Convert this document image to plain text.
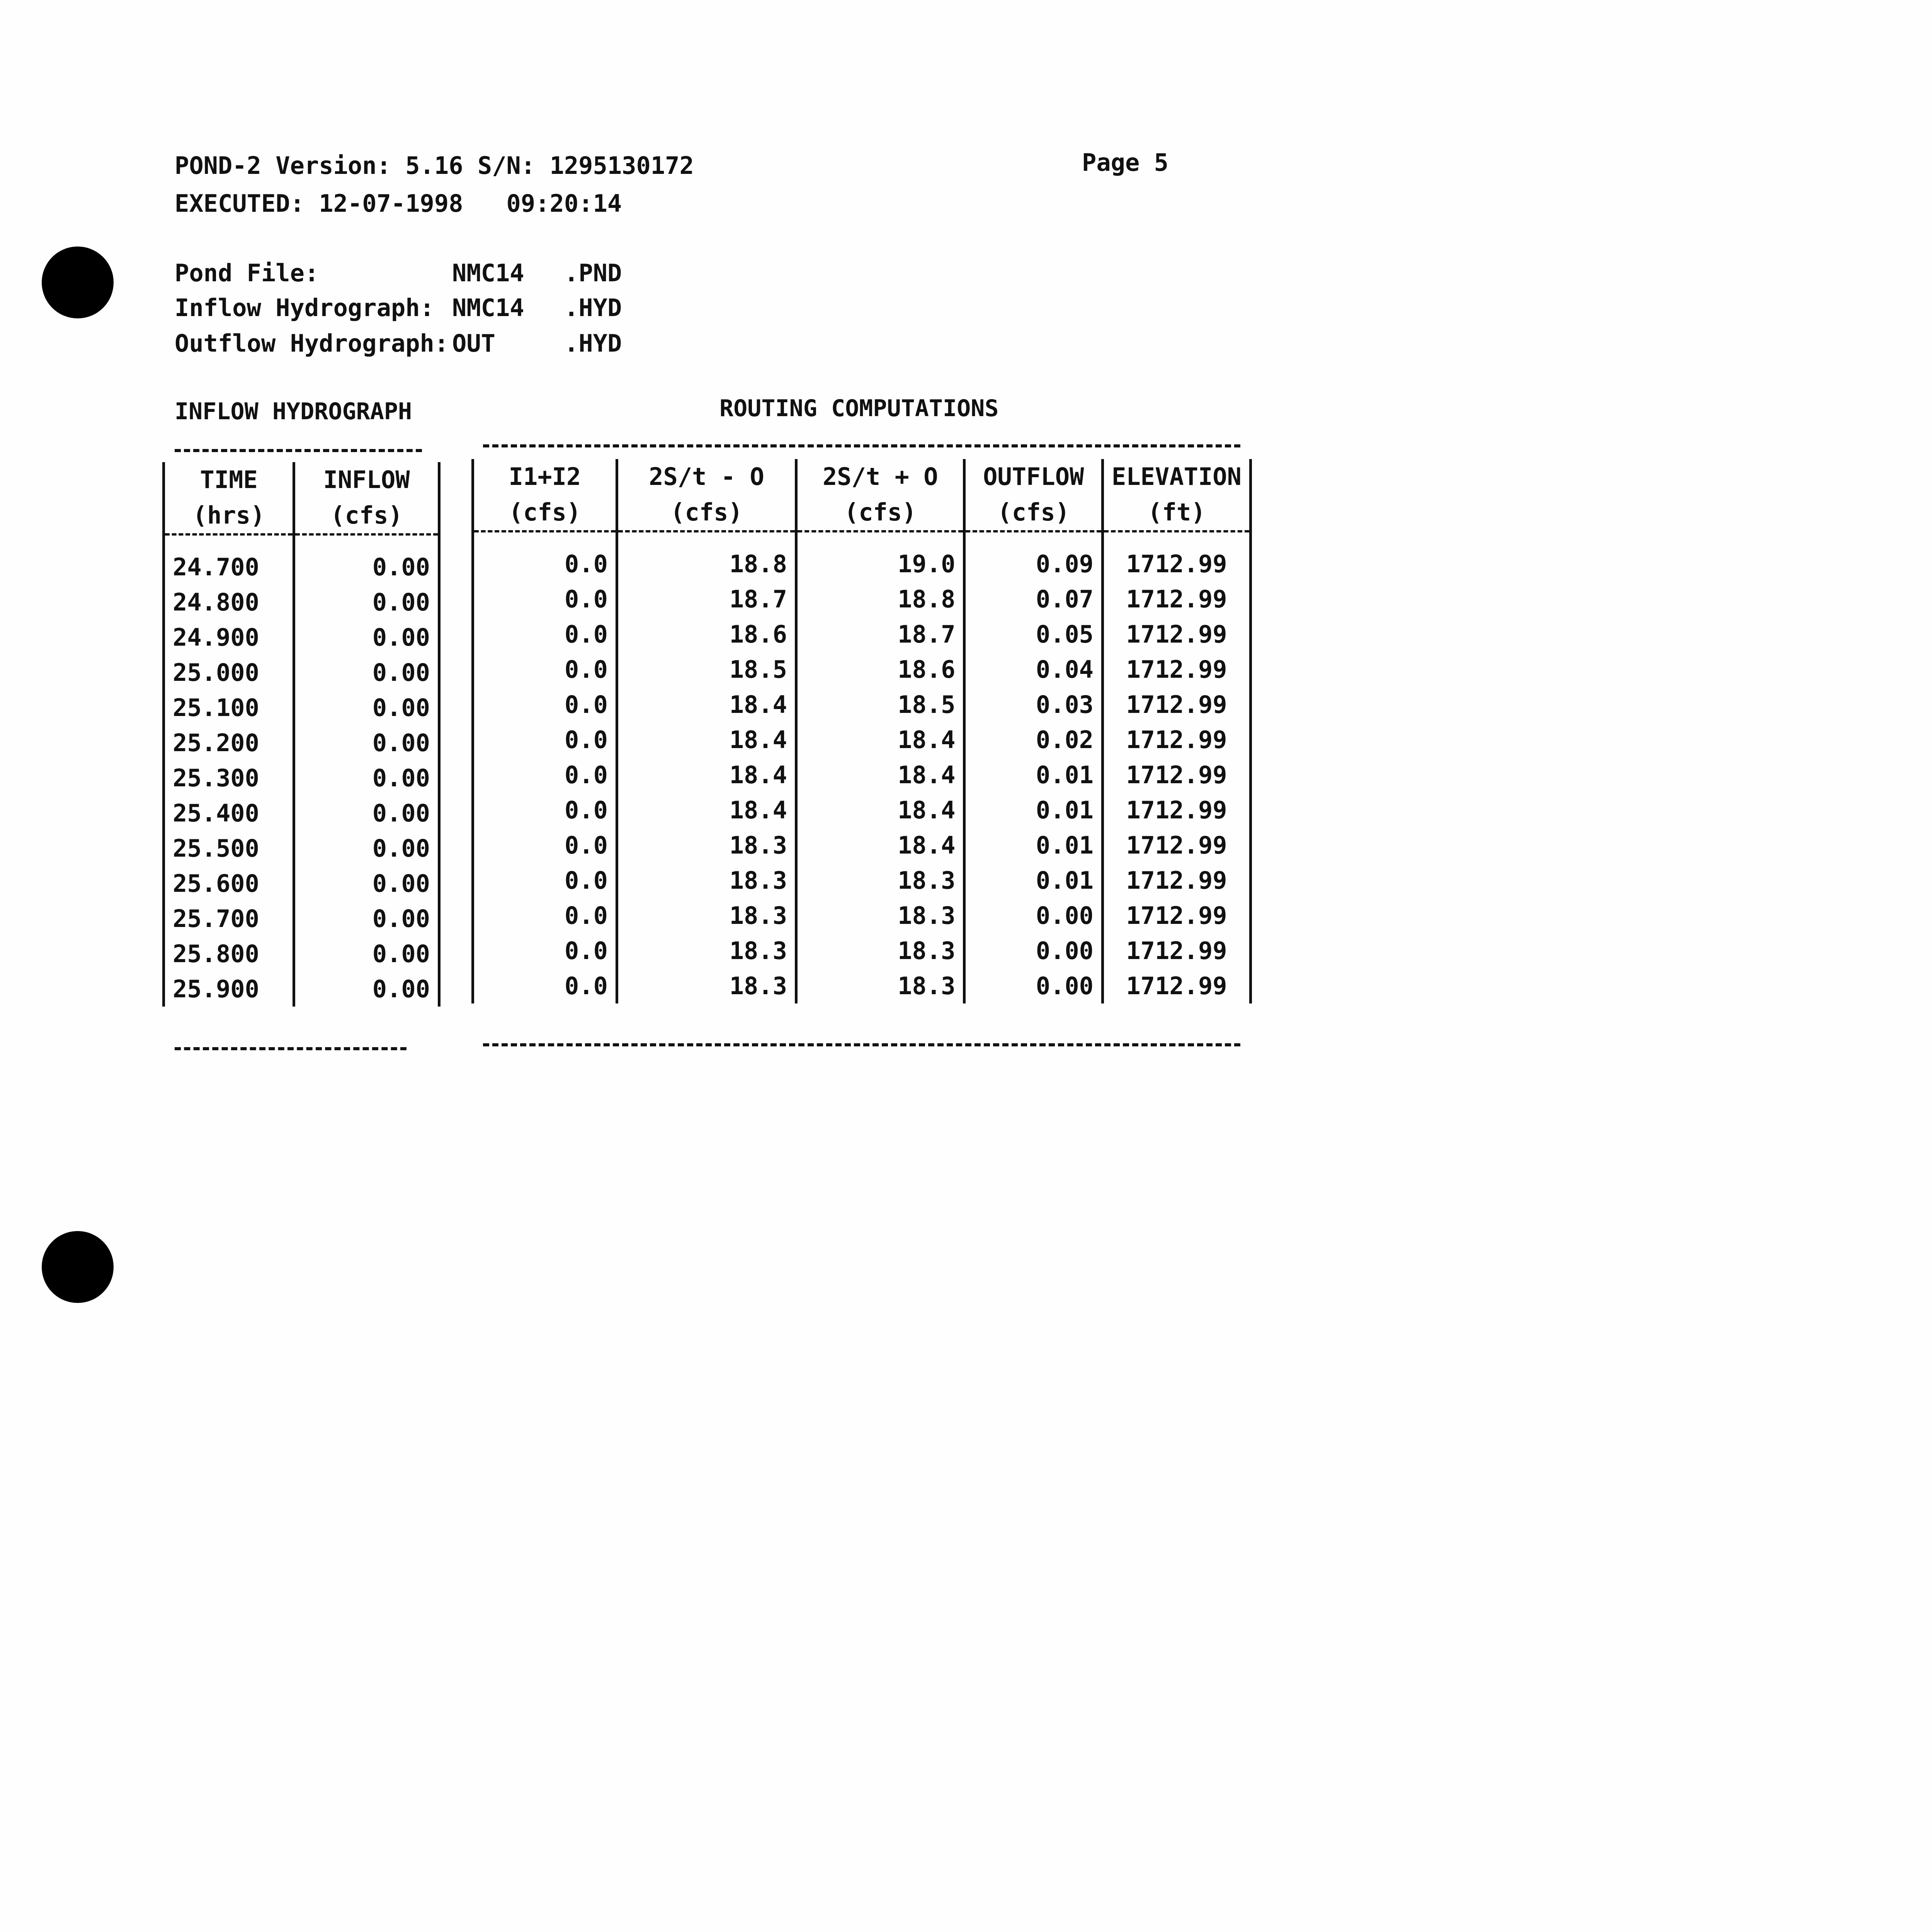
POND-2 Version: 5.16 S/N: 1295130172
EXECUTED: 12-07-1998   09:20:14
Page 5
Pond File:	NMC14 .PND
Inflow Hydrograph: NMC14 .HYD
Outflow Hydrograph: OUT	.HYD
INFLOW HYDROGRAPH	ROUTING COMPUTATIONS
TIME	INFLOW
(hrs)	(cfs)

24.700	0.00
24.800	0.00
24.900	0.00
25.000	0.00
25.100	0.00
25.200	0.00
25.300	0.00
25.400	0.00
25.500	0.00
25.600	0.00
25.700	0.00
25.800	0.00
25.900	0.00
I1+I2	2S/t - O	2S/t + O	OUTFLOW	ELEVATION
(cfs)	(cfs)	(cfs)	(cfs)	(ft)

0.0	18.8	19.0	0.09	1712.99
0.0	18.7	18.8	0.07	1712.99
0.0	18.6	18.7	0.05	1712.99
0.0	18.5	18.6	0.04	1712.99
0.0	18.4	18.5	0.03	1712.99
0.0	18.4	18.4	0.02	1712.99
0.0	18.4	18.4	0.01	1712.99
0.0	18.4	18.4	0.01	1712.99
0.0	18.3	18.4	0.01	1712.99
0.0	18.3	18.3	0.01	1712.99
0.0	18.3	18.3	0.00	1712.99
0.0	18.3	18.3	0.00	1712.99
0.0	18.3	18.3	0.00	1712.99
